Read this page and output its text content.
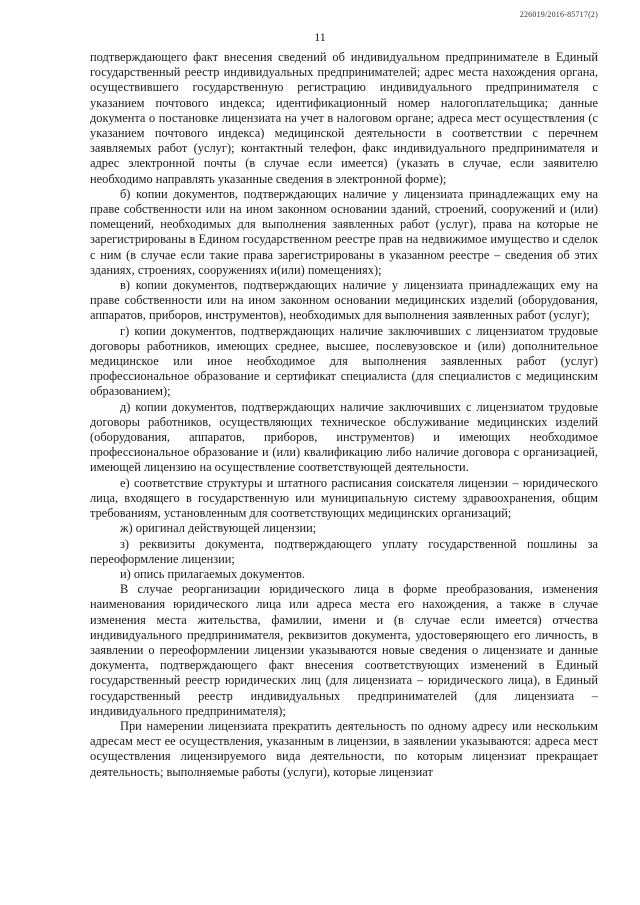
226019/2016-85717(2)
11

подтверждающего факт внесения сведений об индивидуальном предпринимателе в Единый государственный реестр индивидуальных предпринимателей; адрес места нахождения органа, осуществившего государственную регистрацию индивидуального предпринимателя с указанием почтового индекса; идентификационный номер налогоплательщика; данные документа о постановке лицензиата на учет в налоговом органе; адреса мест осуществления (с указанием почтового индекса) медицинской деятельности в соответствии с перечнем заявляемых работ (услуг); контактный телефон, факс индивидуального предпринимателя и адрес электронной почты (в случае если имеется) (указать в случае, если заявителю необходимо направлять указанные сведения в электронной форме);

б) копии документов, подтверждающих наличие у лицензиата принадлежащих ему на праве собственности или на ином законном основании зданий, строений, сооружений и (или) помещений, необходимых для выполнения заявленных работ (услуг), права на которые не зарегистрированы в Едином государственном реестре прав на недвижимое имущество и сделок с ним (в случае если такие права зарегистрированы в указанном реестре – сведения об этих зданиях, строениях, сооружениях и(или) помещениях);

в) копии документов, подтверждающих наличие у лицензиата принадлежащих ему на праве собственности или на ином законном основании медицинских изделий (оборудования, аппаратов, приборов, инструментов), необходимых для выполнения заявленных работ (услуг);

г) копии документов, подтверждающих наличие заключивших с лицензиатом трудовые договоры работников, имеющих среднее, высшее, послевузовское и (или) дополнительное медицинское или иное необходимое для выполнения заявленных работ (услуг) профессиональное образование и сертификат специалиста (для специалистов с медицинским образованием);

д) копии документов, подтверждающих наличие заключивших с лицензиатом трудовые договоры работников, осуществляющих техническое обслуживание медицинских изделий (оборудования, аппаратов, приборов, инструментов) и имеющих необходимое профессиональное образование и (или) квалификацию либо наличие договора с организацией, имеющей лицензию на осуществление соответствующей деятельности.

е) соответствие структуры и штатного расписания соискателя лицензии – юридического лица, входящего в государственную или муниципальную систему здравоохранения, общим требованиям, установленным для соответствующих медицинских организаций;

ж) оригинал действующей лицензии;

з) реквизиты документа, подтверждающего уплату государственной пошлины за переоформление лицензии;

и) опись прилагаемых документов.

В случае реорганизации юридического лица в форме преобразования, изменения наименования юридического лица или адреса места его нахождения, а также в случае изменения места жительства, фамилии, имени и (в случае если имеется) отчества индивидуального предпринимателя, реквизитов документа, удостоверяющего его личность, в заявлении о переоформлении лицензии указываются новые сведения о лицензиате и данные документа, подтверждающего факт внесения соответствующих изменений в Единый государственный реестр юридических лиц (для лицензиата – юридического лица), в Единый государственный реестр индивидуальных предпринимателей (для лицензиата – индивидуального предпринимателя);

При намерении лицензиата прекратить деятельность по одному адресу или нескольким адресам мест ее осуществления, указанным в лицензии, в заявлении указываются: адреса мест осуществления лицензируемого вида деятельности, по которым лицензиат прекращает деятельность; выполняемые работы (услуги), которые лицензиат
